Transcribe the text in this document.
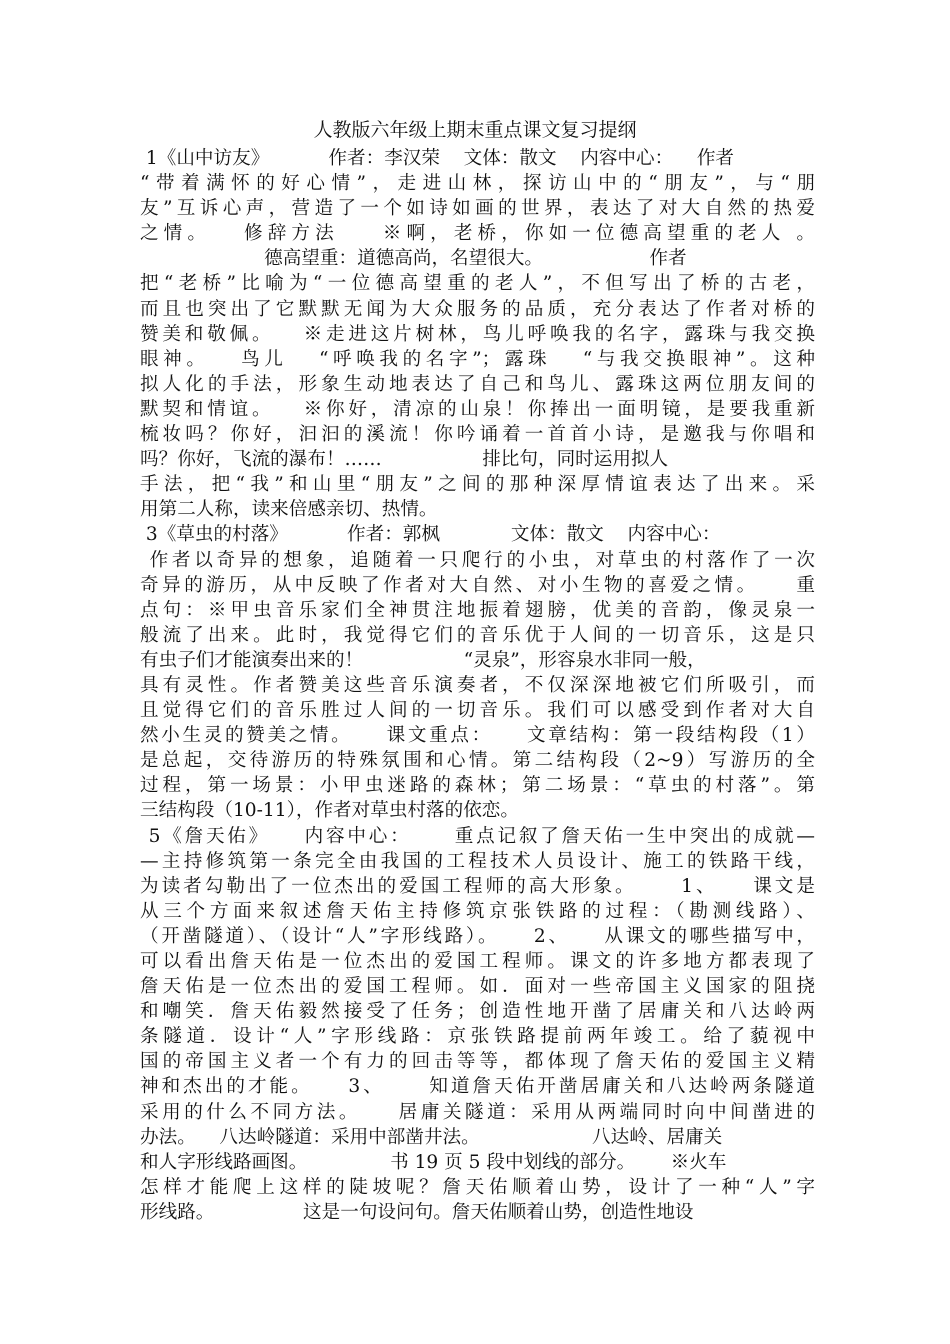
人教版六年级上期末重点课文复习提纲
1《山中访友》          作者：李汉荣    文体：散文    内容中心：    作者
“带着满怀的好心情”，走进山林，探访山中的“朋友”，与“朋
友”互诉心声，营造了一个如诗如画的世界，表达了对大自然的热爱
之情。   修辞方法    ※啊，老桥，你如一位德高望重的老人 。
德高望重：道德高尚，名望很大。                  作者
把“老桥”比喻为“一位德高望重的老人”，不但写出了桥的古老，
而且也突出了它默默无闻为大众服务的品质，充分表达了作者对桥的
赞美和敬佩。   ※走进这片树林，鸟儿呼唤我的名字，露珠与我交换
眼神。   鸟儿   “呼唤我的名字”；露珠   “与我交换眼神”。这种
拟人化的手法，形象生动地表达了自己和鸟儿、露珠这两位朋友间的
默契和情谊。   ※你好，清凉的山泉！你捧出一面明镜，是要我重新
梳妆吗？你好，汩汩的溪流！你吟诵着一首首小诗，是邀我与你唱和
吗？你好，飞流的瀑布！……                 排比句，同时运用拟人
手法，把“我”和山里“朋友”之间的那种深厚情谊表达了出来。采
用第二人称，读来倍感亲切、热情。
3《草虫的村落》          作者：郭枫            文体：散文    内容中心：
作者以奇异的想象，追随着一只爬行的小虫，对草虫的村落作了一次
奇异的游历，从中反映了作者对大自然、对小生物的喜爱之情。    重
点句：※甲虫音乐家们全神贯注地振着翅膀，优美的音韵，像灵泉一
般流了出来。此时，我觉得它们的音乐优于人间的一切音乐，这是只
有虫子们才能演奏出来的！                 “灵泉”，形容泉水非同一般，
具有灵性。作者赞美这些音乐演奏者，不仅深深地被它们所吸引，而
且觉得它们的音乐胜过人间的一切音乐。我们可以感受到作者对大自
然小生灵的赞美之情。    课文重点：    文章结构：第一段结构段（1）
是总起，交待游历的特殊氛围和心情。第二结构段（2~9）写游历的全
过程，第一场景：小甲虫迷路的森林；第二场景：“草虫的村落”。第
三结构段（10-11），作者对草虫村落的依恋。
5《詹天佑》    内容中心：     重点记叙了詹天佑一生中突出的成就—
—主持修筑第一条完全由我国的工程技术人员设计、施工的铁路干线，
为读者勾勒出了一位杰出的爱国工程师的高大形象。     1、    课文是
从三个方面来叙述詹天佑主持修筑京张铁路的过程：（勘测线路）、
（开凿隧道）、（设计“人”字形线路）。    2、    从课文的哪些描写中，
可以看出詹天佑是一位杰出的爱国工程师。课文的许多地方都表现了
詹天佑是一位杰出的爱国工程师。如．面对一些帝国主义国家的阻挠
和嘲笑．詹天佑毅然接受了任务；创造性地开凿了居庸关和八达岭两
条隧道．设计“人”字形线路：京张铁路提前两年竣工。给了藐视中
国的帝国主义者一个有力的回击等等，都体现了詹天佑的爱国主义精
神和杰出的才能。    3、     知道詹天佑开凿居庸关和八达岭两条隧道
采用的什么不同方法。    居庸关隧道：采用从两端同时向中间凿进的
办法。    八达岭隧道：采用中部凿井法。                   八达岭、居庸关
和人字形线路画图。              书 19 页 5 段中划线的部分。      ※火车
怎样才能爬上这样的陡坡呢？詹天佑顺着山势，设计了一种“人”字
形线路。               这是一句设问句。詹天佑顺着山势，创造性地设
